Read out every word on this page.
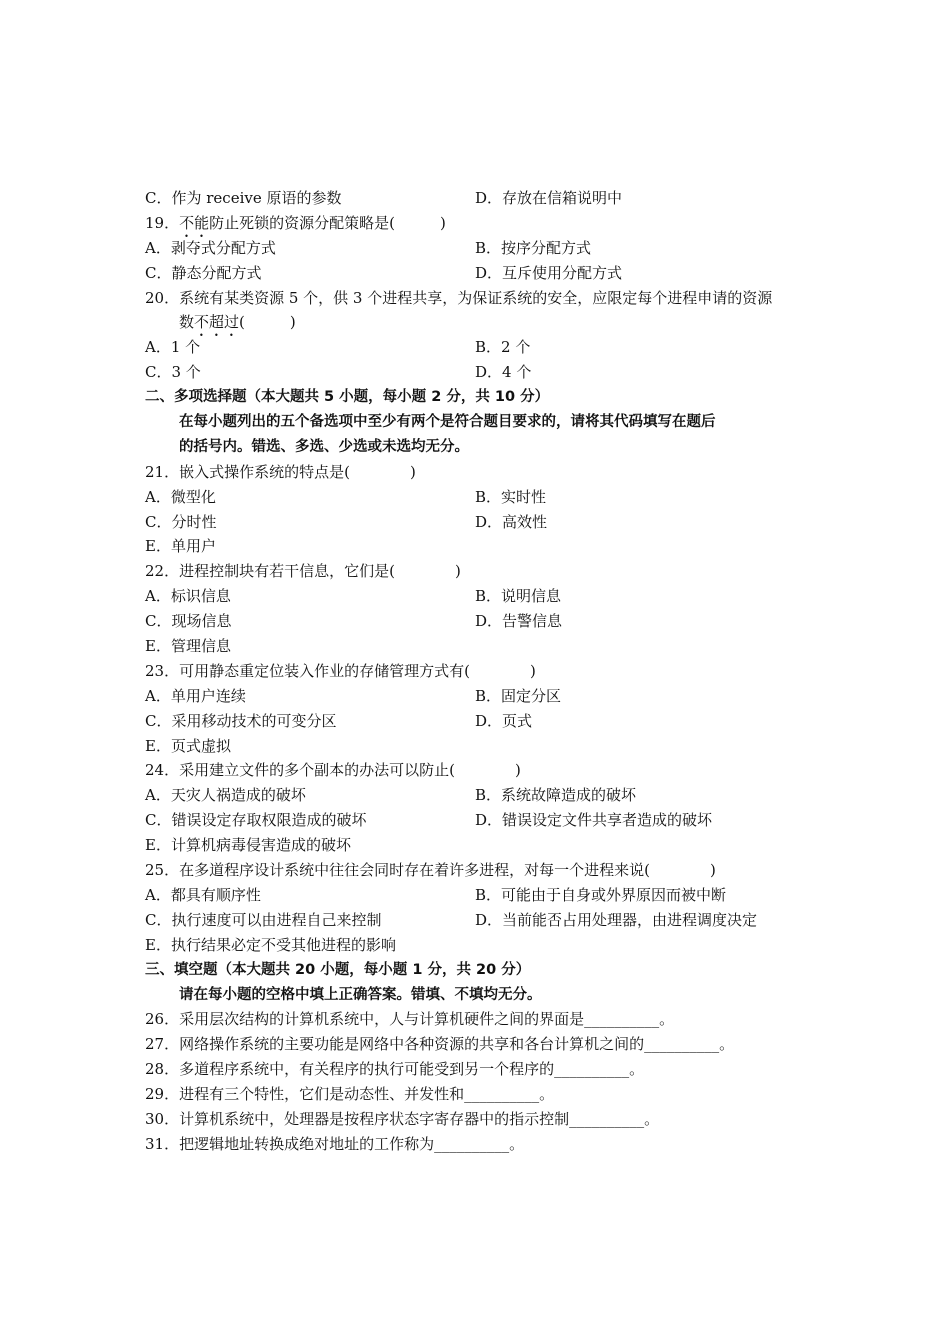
C．作为 receive 原语的参数	D．存放在信箱说明中
19．不能防止死锁的资源分配策略是(　　　)
A．剥夺式分配方式	B．按序分配方式
C．静态分配方式	D．互斥使用分配方式
20．系统有某类资源 5 个，供 3 个进程共享，为保证系统的安全，应限定每个进程申请的资源
数不超过(　　　)
A．1 个	B．2 个
C．3 个	D．4 个
二、多项选择题（本大题共 5 小题，每小题 2 分，共 10 分）
在每小题列出的五个备选项中至少有两个是符合题目要求的，请将其代码填写在题后
的括号内。错选、多选、少选或未选均无分。
21．嵌入式操作系统的特点是(　　　　)
A．微型化	B．实时性
C．分时性	D．高效性
E．单用户
22．进程控制块有若干信息，它们是(　　　　)
A．标识信息	B．说明信息
C．现场信息	D．告警信息
E．管理信息
23．可用静态重定位装入作业的存储管理方式有(　　　　)
A．单用户连续	B．固定分区
C．采用移动技术的可变分区	D．页式
E．页式虚拟
24．采用建立文件的多个副本的办法可以防止(　　　　)
A．天灾人祸造成的破坏	B．系统故障造成的破坏
C．错误设定存取权限造成的破坏	D．错误设定文件共享者造成的破坏
E．计算机病毒侵害造成的破坏
25．在多道程序设计系统中往往会同时存在着许多进程，对每一个进程来说(　　　　)
A．都具有顺序性	B．可能由于自身或外界原因而被中断
C．执行速度可以由进程自己来控制	D．当前能否占用处理器，由进程调度决定
E．执行结果必定不受其他进程的影响
三、填空题（本大题共 20 小题，每小题 1 分，共 20 分）
请在每小题的空格中填上正确答案。错填、不填均无分。
26．采用层次结构的计算机系统中，人与计算机硬件之间的界面是__________。
27．网络操作系统的主要功能是网络中各种资源的共享和各台计算机之间的__________。
28．多道程序系统中，有关程序的执行可能受到另一个程序的__________。
29．进程有三个特性，它们是动态性、并发性和__________。
30．计算机系统中，处理器是按程序状态字寄存器中的指示控制__________。
31．把逻辑地址转换成绝对地址的工作称为__________。
